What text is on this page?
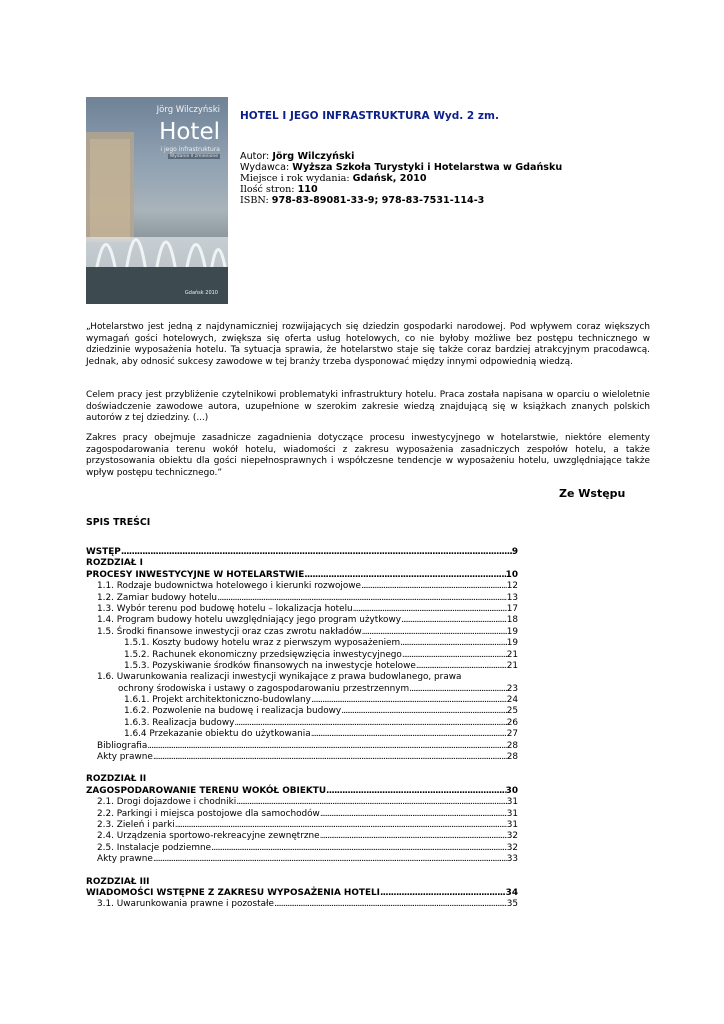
Jörg Wilczyński
Hotel
i jego infrastruktura
Wydanie II zmienione
Gdańsk 2010
HOTEL I JEGO INFRASTRUKTURA Wyd. 2 zm.
Autor: Jörg Wilczyński
Wydawca: Wyższa Szkoła Turystyki i Hotelarstwa w Gdańsku
Miejsce i rok wydania: Gdańsk, 2010
Ilość stron: 110
ISBN: 978-83-89081-33-9; 978-83-7531-114-3

„Hotelarstwo jest jedną z najdynamiczniej rozwijających się dziedzin gospodarki narodowej. Pod wpływem coraz większych wymagań gości hotelowych, zwiększa się oferta usług hotelowych, co nie byłoby możliwe bez postępu technicznego w dziedzinie wyposażenia hotelu. Ta sytuacja sprawia, że hotelarstwo staje się także coraz bardziej atrakcyjnym pracodawcą. Jednak, aby odnosić sukcesy zawodowe w tej branży trzeba dysponować między innymi odpowiednią wiedzą.

Celem pracy jest przybliżenie czytelnikowi problematyki infrastruktury hotelu. Praca została napisana w oparciu o wieloletnie doświadczenie zawodowe autora, uzupełnione w szerokim zakresie wiedzą znajdującą się w książkach znanych polskich autorów z tej dziedziny. (...)

Zakres pracy obejmuje zasadnicze zagadnienia dotyczące procesu inwestycyjnego w hotelarstwie, niektóre elementy zagospodarowania terenu wokół hotelu, wiadomości z zakresu wyposażenia zasadniczych zespołów hotelu, a także przystosowania obiektu dla gości niepełnosprawnych i współczesne tendencje w wyposażeniu hotelu, uwzględniające także wpływ postępu technicznego.”

Ze Wstępu
SPIS TREŚCI
WSTĘP . . .	9
ROZDZIAŁ I
PROCESY INWESTYCYJNE W HOTELARSTWIE . . .	10
1.1. Rodzaje budownictwa hotelowego i kierunki rozwojowe . . .	12
1.2. Zamiar budowy hotelu . . .	13
1.3. Wybór terenu pod budowę hotelu – lokalizacja hotelu . . .	17
1.4. Program budowy hotelu uwzględniający jego program użytkowy . . .	18
1.5. Środki finansowe inwestycji oraz czas zwrotu nakładów . . .	19
1.5.1. Koszty budowy hotelu wraz z pierwszym wyposażeniem . . .	19
1.5.2. Rachunek ekonomiczny przedsięwzięcia inwestycyjnego . . .	21
1.5.3. Pozyskiwanie środków finansowych na inwestycje hotelowe . . .	21
1.6. Uwarunkowania realizacji inwestycji wynikające z prawa budowlanego, prawa
ochrony środowiska i ustawy o zagospodarowaniu przestrzennym . . .	23
1.6.1. Projekt architektoniczno-budowlany . . .	24
1.6.2. Pozwolenie na budowę i realizacja budowy . . .	25
1.6.3. Realizacja budowy . . .	26
1.6.4 Przekazanie obiektu do użytkowania . . .	27
Bibliografia . . .	28
Akty prawne . . .	28
ROZDZIAŁ II
ZAGOSPODAROWANIE TERENU WOKÓŁ OBIEKTU . . .	30
2.1. Drogi dojazdowe i chodniki . . .	31
2.2. Parkingi i miejsca postojowe dla samochodów . . .	31
2.3. Zieleń i parki . . .	31
2.4. Urządzenia sportowo-rekreacyjne zewnętrzne . . .	32
2.5. Instalacje podziemne . . .	32
Akty prawne . . .	33
ROZDZIAŁ III
WIADOMOŚCI WSTĘPNE Z ZAKRESU WYPOSAŻENIA HOTELI . . .	34
3.1. Uwarunkowania prawne i pozostałe . . .	35
